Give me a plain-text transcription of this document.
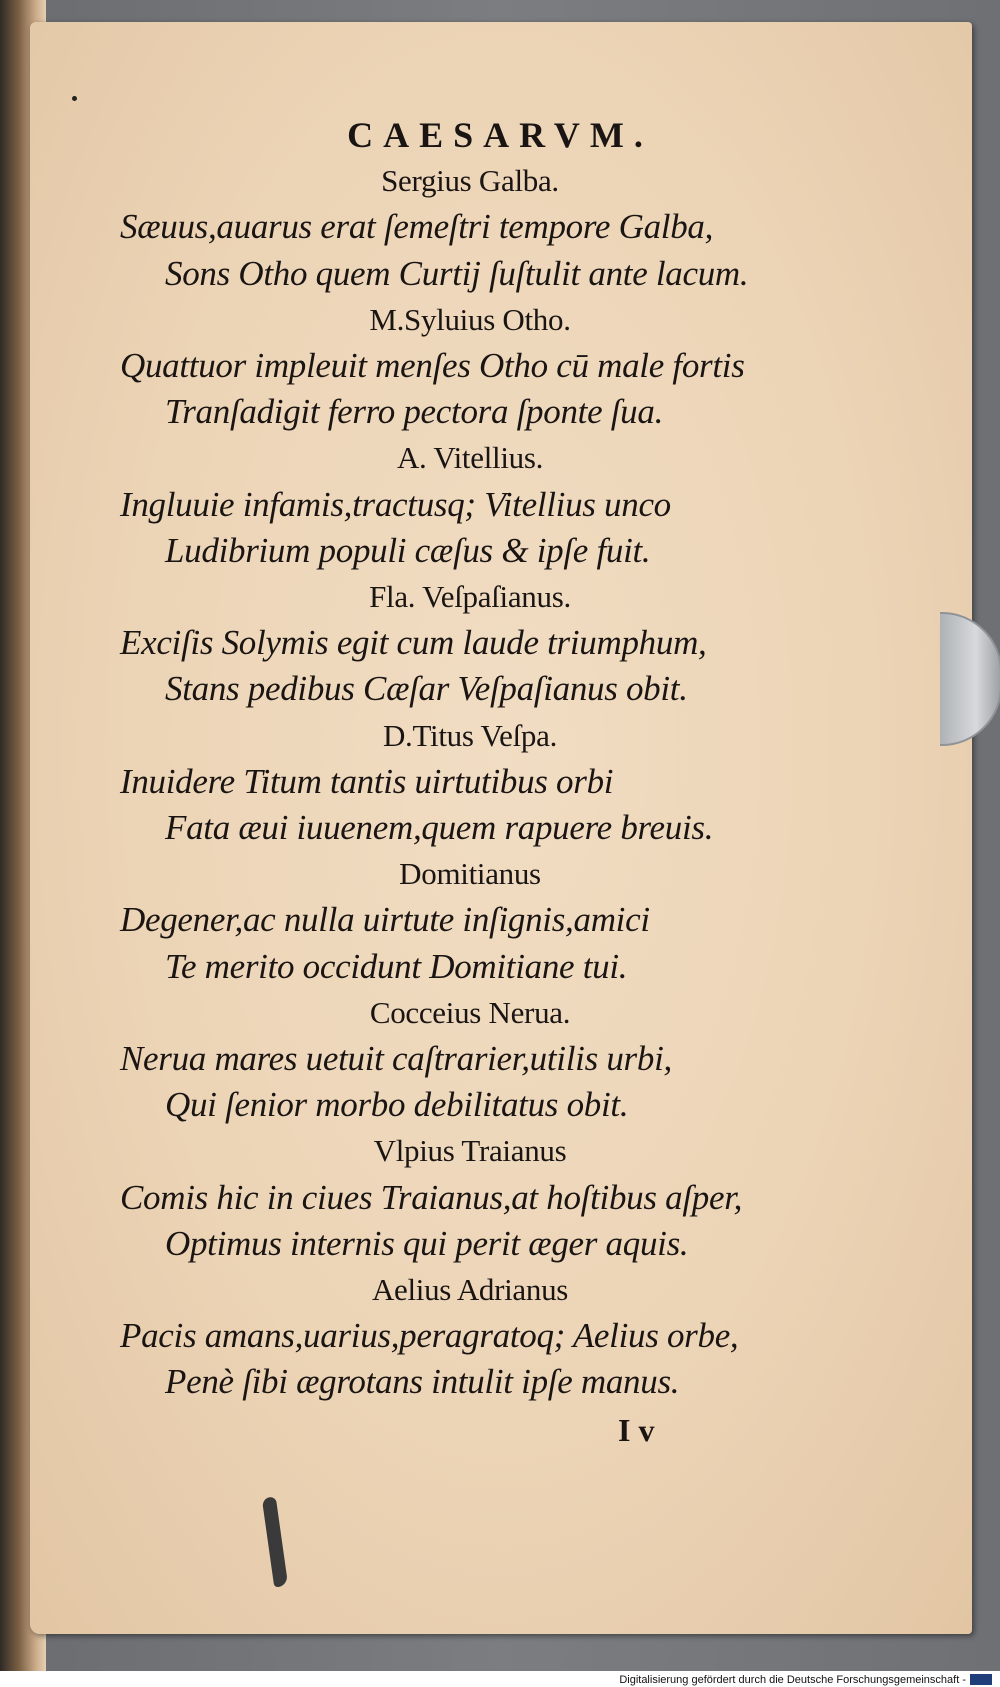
CAESARVM.
Sergius Galba.
Sæuus,auarus erat ſemeſtri tempore Galba,
Sons Otho quem Curtij ſuſtulit ante lacum.
M.Syluius Otho.
Quattuor impleuit menſes Otho cū male fortis
Tranſadigit ferro pectora ſponte ſua.
A. Vitellius.
Ingluuie infamis,tractusq; Vitellius unco
Ludibrium populi cæſus & ipſe fuit.
Fla. Veſpaſianus.
Exciſis Solymis egit cum laude triumphum,
Stans pedibus Cæſar Veſpaſianus obit.
D.Titus Veſpa.
Inuidere Titum tantis uirtutibus orbi
Fata æui iuuenem,quem rapuere breuis.
Domitianus
Degener,ac nulla uirtute inſignis,amici
Te merito occidunt Domitiane tui.
Cocceius Nerua.
Nerua mares uetuit caſtrarier,utilis urbi,
Qui ſenior morbo debilitatus obit.
Vlpius Traianus
Comis hic in ciues Traianus,at hoſtibus aſper,
Optimus internis qui perit æger aquis.
Aelius Adrianus
Pacis amans,uarius,peragratoq; Aelius orbe,
Penè ſibi ægrotans intulit ipſe manus.
I v
Digitalisierung gefördert durch die Deutsche Forschungsgemeinschaft -
